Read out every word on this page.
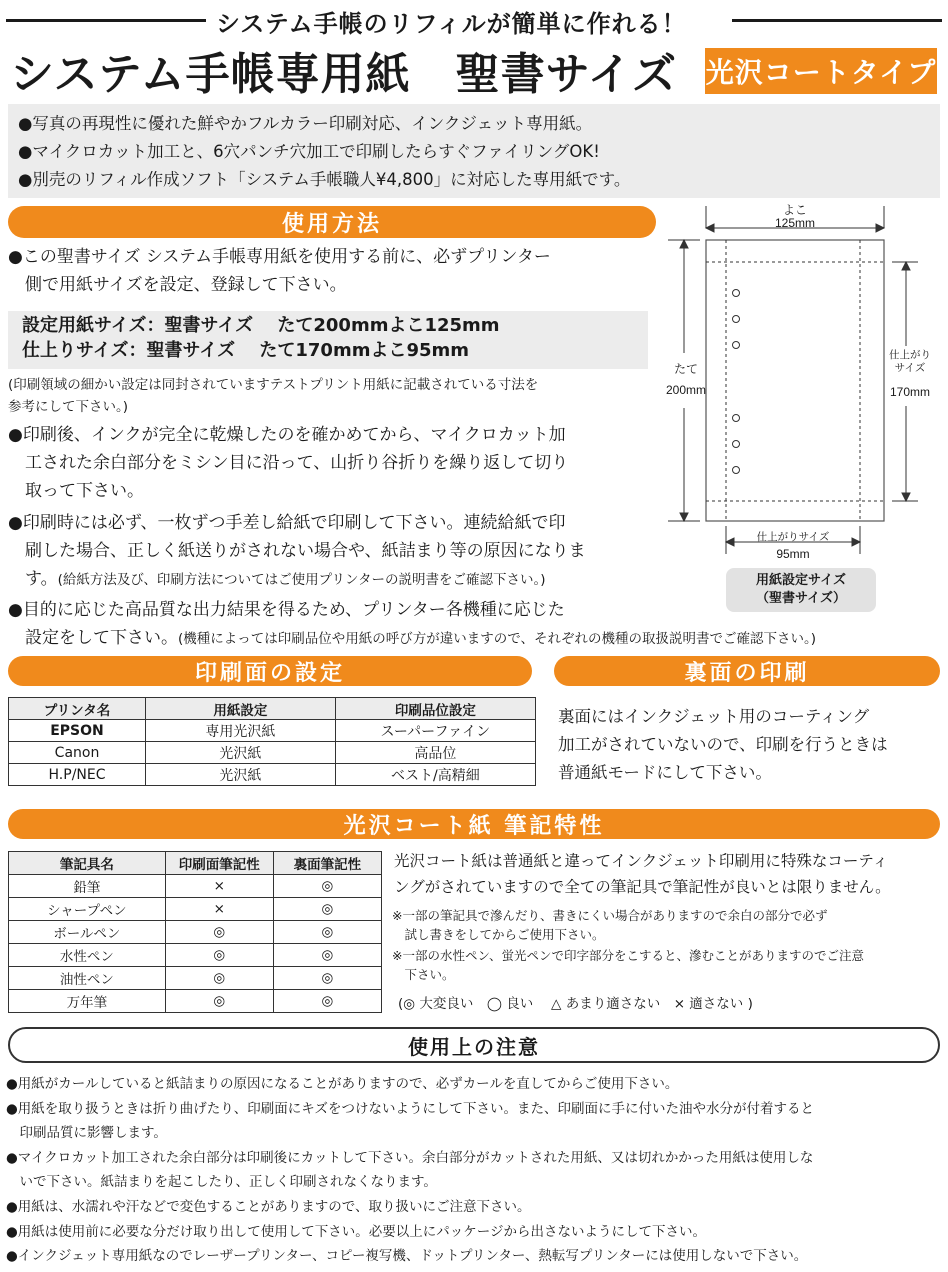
システム手帳のリフィルが簡単に作れる！
システム手帳専用紙　聖書サイズ 光沢コートタイプ

●写真の再現性に優れた鮮やかフルカラー印刷対応、インクジェット専用紙。

●マイクロカット加工と、6穴パンチ穴加工で印刷したらすぐファイリングOK!

●別売のリフィル作成ソフト「システム手帳職人¥4,800」に対応した専用紙です。

使用方法
●この聖書サイズ システム手帳専用紙を使用する前に、必ずプリンター
　側で用紙サイズを設定、登録して下さい。
設定用紙サイズ：聖書サイズ　 たて200mmよこ125mm
仕上りサイズ：聖書サイズ　 たて170mmよこ95mm
(印刷領域の細かい設定は同封されていますテストプリント用紙に記載されている寸法を
参考にして下さい。)
●印刷後、インクが完全に乾燥したのを確かめてから、マイクロカット加
　工された余白部分をミシン目に沿って、山折り谷折りを繰り返して切り
　取って下さい。
●印刷時には必ず、一枚ずつ手差し給紙で印刷して下さい。連続給紙で印
　刷した場合、正しく紙送りがされない場合や、紙詰まり等の原因になりま
　す。(給紙方法及び、印刷方法についてはご使用プリンターの説明書をご確認下さい。)
●目的に応じた高品質な出力結果を得るため、プリンター各機種に応じた
　設定をして下さい。(機種によっては印刷品位や用紙の呼び方が違いますので、それぞれの機種の取扱説明書でご確認下さい。)
よこ
125mm
たて
200mm
仕上がり
サイズ
170mm
仕上がりサイズ
95mm
用紙設定サイズ
（聖書サイズ）
印刷面の設定	裏面の印刷
プリンタ名	用紙設定	印刷品位設定
EPSON	専用光沢紙	スーパーファイン
Canon	光沢紙	高品位
H.P/NEC	光沢紙	ベスト/高精細
裏面にはインクジェット用のコーティング
加工がされていないので、印刷を行うときは
普通紙モードにして下さい。
光沢コート紙 筆記特性
筆記具名	印刷面筆記性	裏面筆記性
鉛筆	×	◎
シャープペン	×	◎
ボールペン	◎	◎
水性ペン	◎	◎
油性ペン	◎	◎
万年筆	◎	◎
光沢コート紙は普通紙と違ってインクジェット印刷用に特殊なコーティ
ングがされていますので全ての筆記具で筆記性が良いとは限りません。
※一部の筆記具で滲んだり、書きにくい場合がありますので余白の部分で必ず
　試し書きをしてからご使用下さい。
※一部の水性ペン、蛍光ペンで印字部分をこすると、滲むことがありますのでご注意
　下さい。
(◎ 大変良い　◯ 良い　 △ あまり適さない　× 適さない )
使用上の注意

●用紙がカールしていると紙詰まりの原因になることがありますので、必ずカールを直してからご使用下さい。

●用紙を取り扱うときは折り曲げたり、印刷面にキズをつけないようにして下さい。また、印刷面に手に付いた油や水分が付着すると

　印刷品質に影響します。

●マイクロカット加工された余白部分は印刷後にカットして下さい。余白部分がカットされた用紙、又は切れかかった用紙は使用しな

　いで下さい。紙詰まりを起こしたり、正しく印刷されなくなります。

●用紙は、水濡れや汗などで変色することがありますので、取り扱いにご注意下さい。

●用紙は使用前に必要な分だけ取り出して使用して下さい。必要以上にパッケージから出さないようにして下さい。

●インクジェット専用紙なのでレーザープリンター、コピー複写機、ドットプリンター、熱転写プリンターには使用しないで下さい。
